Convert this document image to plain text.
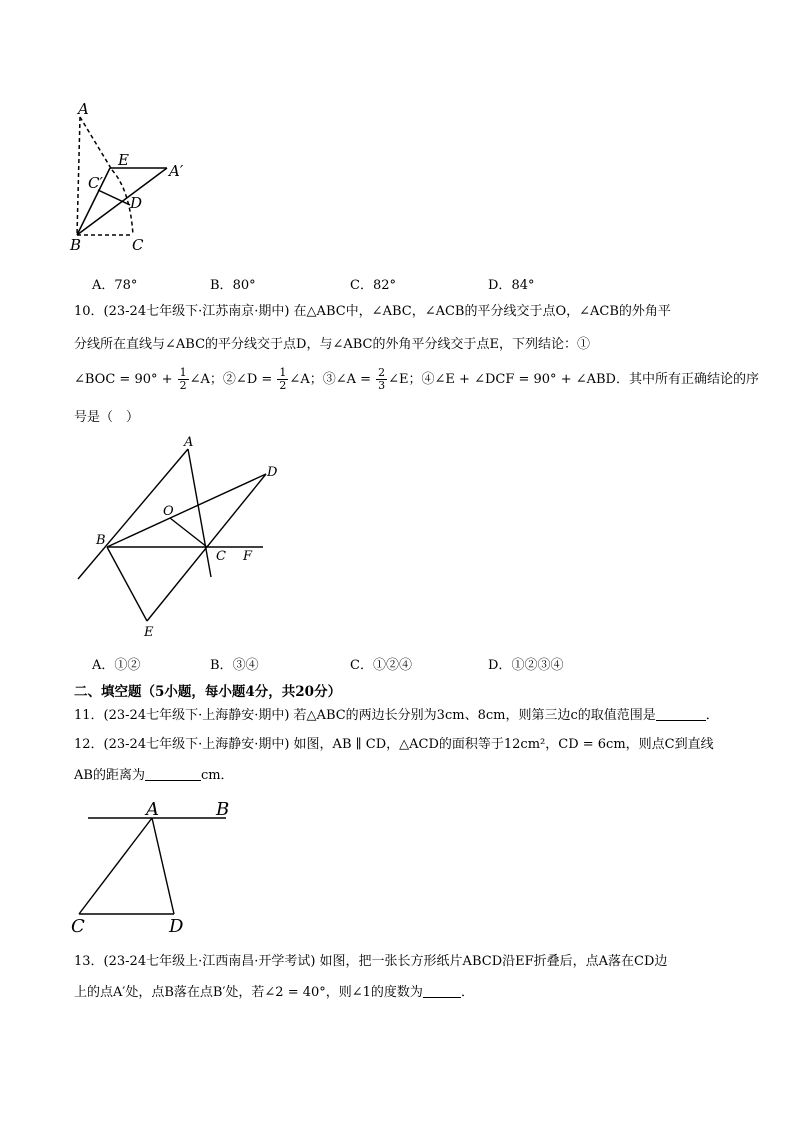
A
E
A′
C′
D
B	C
A．78°	B．80°	C．82°	D．84°
10．(23-24七年级下·江苏南京·期中) 在△ABC中，∠ABC，∠ACB的平分线交于点O，∠ACB的外角平
分线所在直线与∠ABC的平分线交于点D，与∠ABC的外角平分线交于点E，下列结论：①
∠BOC = $90^\circ + \frac{1}{2}$ ∠A；②∠D = $\frac{1}{2}$ ∠A；③∠A = $\frac{2}{3}$ ∠E；④∠E + ∠DCF = 90° + ∠ABD．其中所有正确结论的序
号是（　）
A
D
O
B
C F
E
A．①②	B．③④	C．①②④	D．①②③④
二、填空题（5小题，每小题4分，共20分）
11．(23-24七年级下·上海静安·期中) 若△ABC的两边长分别为3cm、8cm，则第三边c的取值范围是	．
12．(23-24七年级下·上海静安·期中) 如图，AB ∥ CD，△ACD的面积等于12cm²，CD = 6cm，则点C到直线
AB的距离为	cm．
A	B
C	D
13．(23-24七年级上·江西南昌·开学考试) 如图，把一张长方形纸片ABCD沿EF折叠后，点A落在CD边
上的点A′处，点B落在点B′处，若∠2 = 40°，则∠1的度数为	．
